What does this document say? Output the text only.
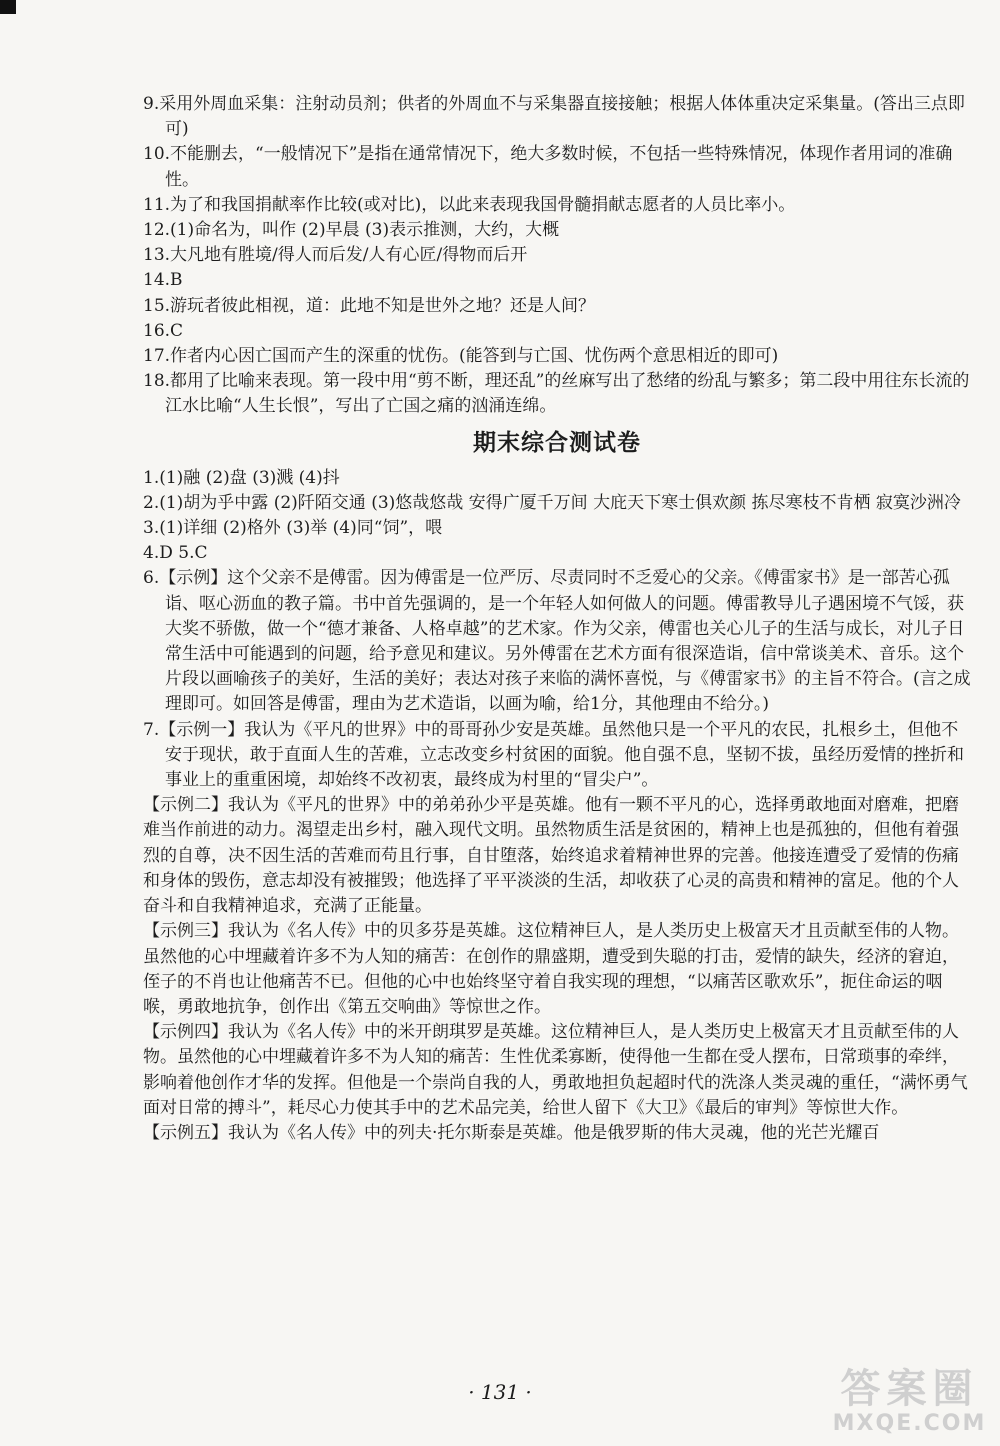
9.采用外周血采集：注射动员剂；供者的外周血不与采集器直接接触；根据人体体重决定采集量。(答出三点即可)

10.不能删去，“一般情况下”是指在通常情况下，绝大多数时候，不包括一些特殊情况，体现作者用词的准确性。

11.为了和我国捐献率作比较(或对比)，以此来表现我国骨髓捐献志愿者的人员比率小。

12.(1)命名为，叫作 (2)早晨 (3)表示推测，大约，大概

13.大凡地有胜境/得人而后发/人有心匠/得物而后开

14.B

15.游玩者彼此相视，道：此地不知是世外之地？还是人间？

16.C

17.作者内心因亡国而产生的深重的忧伤。(能答到与亡国、忧伤两个意思相近的即可)

18.都用了比喻来表现。第一段中用“剪不断，理还乱”的丝麻写出了愁绪的纷乱与繁多；第二段中用往东长流的江水比喻“人生长恨”，写出了亡国之痛的汹涌连绵。

期末综合测试卷

1.(1)融 (2)盘 (3)溅 (4)抖

2.(1)胡为乎中露 (2)阡陌交通 (3)悠哉悠哉 安得广厦千万间 大庇天下寒士俱欢颜 拣尽寒枝不肯栖 寂寞沙洲冷

3.(1)详细 (2)格外 (3)举 (4)同“饲”，喂

4.D 5.C

6.【示例】这个父亲不是傅雷。因为傅雷是一位严厉、尽责同时不乏爱心的父亲。《傅雷家书》是一部苦心孤诣、呕心沥血的教子篇。书中首先强调的，是一个年轻人如何做人的问题。傅雷教导儿子遇困境不气馁，获大奖不骄傲，做一个“德才兼备、人格卓越”的艺术家。作为父亲，傅雷也关心儿子的生活与成长，对儿子日常生活中可能遇到的问题，给予意见和建议。另外傅雷在艺术方面有很深造诣，信中常谈美术、音乐。这个片段以画喻孩子的美好，生活的美好；表达对孩子来临的满怀喜悦，与《傅雷家书》的主旨不符合。(言之成理即可。如回答是傅雷，理由为艺术造诣，以画为喻，给1分，其他理由不给分。)

7.【示例一】我认为《平凡的世界》中的哥哥孙少安是英雄。虽然他只是一个平凡的农民，扎根乡土，但他不安于现状，敢于直面人生的苦难，立志改变乡村贫困的面貌。他自强不息，坚韧不拔，虽经历爱情的挫折和事业上的重重困境，却始终不改初衷，最终成为村里的“冒尖户”。

【示例二】我认为《平凡的世界》中的弟弟孙少平是英雄。他有一颗不平凡的心，选择勇敢地面对磨难，把磨难当作前进的动力。渴望走出乡村，融入现代文明。虽然物质生活是贫困的，精神上也是孤独的，但他有着强烈的自尊，决不因生活的苦难而苟且行事，自甘堕落，始终追求着精神世界的完善。他接连遭受了爱情的伤痛和身体的毁伤，意志却没有被摧毁；他选择了平平淡淡的生活，却收获了心灵的高贵和精神的富足。他的个人奋斗和自我精神追求，充满了正能量。

【示例三】我认为《名人传》中的贝多芬是英雄。这位精神巨人，是人类历史上极富天才且贡献至伟的人物。虽然他的心中埋藏着许多不为人知的痛苦：在创作的鼎盛期，遭受到失聪的打击，爱情的缺失，经济的窘迫，侄子的不肖也让他痛苦不已。但他的心中也始终坚守着自我实现的理想，“以痛苦区歌欢乐”，扼住命运的咽喉，勇敢地抗争，创作出《第五交响曲》等惊世之作。

【示例四】我认为《名人传》中的米开朗琪罗是英雄。这位精神巨人，是人类历史上极富天才且贡献至伟的人物。虽然他的心中埋藏着许多不为人知的痛苦：生性优柔寡断，使得他一生都在受人摆布，日常琐事的牵绊，影响着他创作才华的发挥。但他是一个崇尚自我的人，勇敢地担负起超时代的洗涤人类灵魂的重任，“满怀勇气面对日常的搏斗”，耗尽心力使其手中的艺术品完美，给世人留下《大卫》《最后的审判》等惊世大作。

【示例五】我认为《名人传》中的列夫·托尔斯泰是英雄。他是俄罗斯的伟大灵魂，他的光芒光耀百

· 131 ·	答案圈
MXQE.COM
